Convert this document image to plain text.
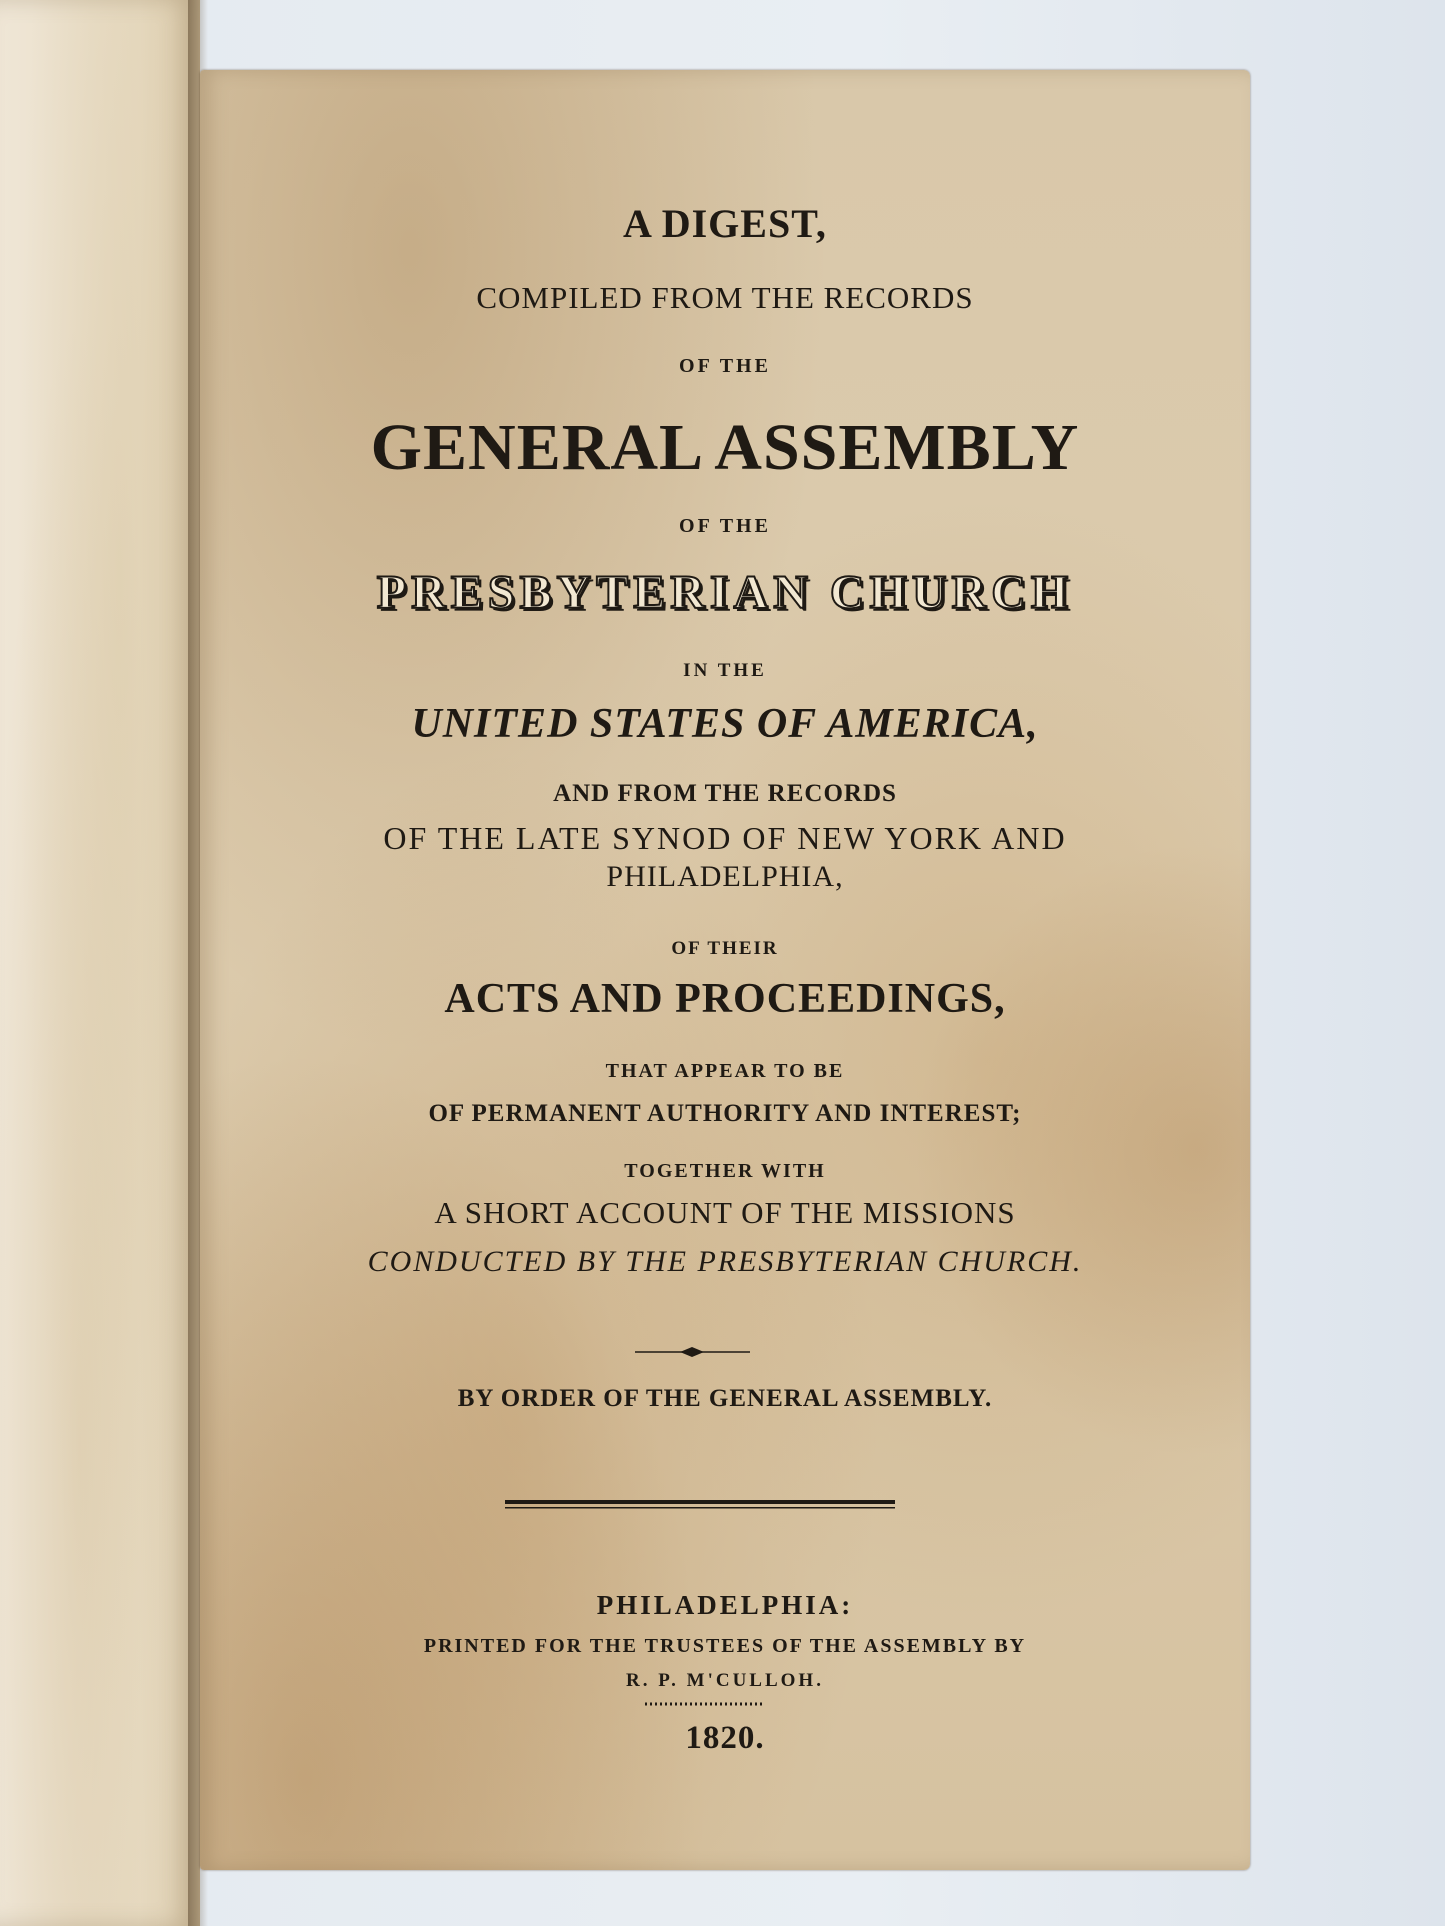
A DIGEST,

COMPILED FROM THE RECORDS

OF THE

GENERAL ASSEMBLY

OF THE

PRESBYTERIAN CHURCH

IN THE

UNITED STATES OF AMERICA,

AND FROM THE RECORDS

OF THE LATE SYNOD OF NEW YORK AND

PHILADELPHIA,

OF THEIR

ACTS AND PROCEEDINGS,

THAT APPEAR TO BE

OF PERMANENT AUTHORITY AND INTEREST;

TOGETHER WITH

A SHORT ACCOUNT OF THE MISSIONS

CONDUCTED BY THE PRESBYTERIAN CHURCH.

BY ORDER OF THE GENERAL ASSEMBLY.

PHILADELPHIA:

PRINTED FOR THE TRUSTEES OF THE ASSEMBLY BY

R. P. M'CULLOH.

1820.
